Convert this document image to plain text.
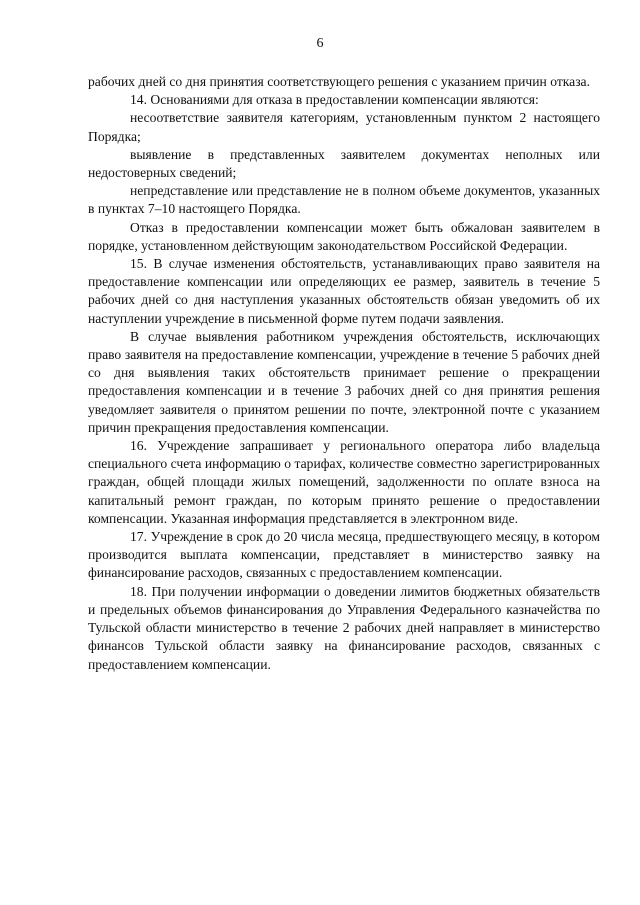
6

рабочих дней со дня принятия соответствующего решения с указанием причин отказа.

14. Основаниями для отказа в предоставлении компенсации являются:

несоответствие заявителя категориям, установленным пунктом 2 настоящего Порядка;

выявление в представленных заявителем документах неполных или недостоверных сведений;

непредставление или представление не в полном объеме документов, указанных в пунктах 7–10 настоящего Порядка.

Отказ в предоставлении компенсации может быть обжалован заявителем в порядке, установленном действующим законодательством Российской Федерации.

15. В случае изменения обстоятельств, устанавливающих право заявителя на предоставление компенсации или определяющих ее размер, заявитель в течение 5 рабочих дней со дня наступления указанных обстоятельств обязан уведомить об их наступлении учреждение в письменной форме путем подачи заявления.

В случае выявления работником учреждения обстоятельств, исключающих право заявителя на предоставление компенсации, учреждение в течение 5 рабочих дней со дня выявления таких обстоятельств принимает решение о прекращении предоставления компенсации и в течение 3 рабочих дней со дня принятия решения уведомляет заявителя о принятом решении по почте, электронной почте с указанием причин прекращения предоставления компенсации.

16. Учреждение запрашивает у регионального оператора либо владельца специального счета информацию о тарифах, количестве совместно зарегистрированных граждан, общей площади жилых помещений, задолженности по оплате взноса на капитальный ремонт граждан, по которым принято решение о предоставлении компенсации. Указанная информация представляется в электронном виде.

17. Учреждение в срок до 20 числа месяца, предшествующего месяцу, в котором производится выплата компенсации, представляет в министерство заявку на финансирование расходов, связанных с предоставлением компенсации.

18. При получении информации о доведении лимитов бюджетных обязательств и предельных объемов финансирования до Управления Федерального казначейства по Тульской области министерство в течение 2 рабочих дней направляет в министерство финансов Тульской области заявку на финансирование расходов, связанных с предоставлением компенсации.
